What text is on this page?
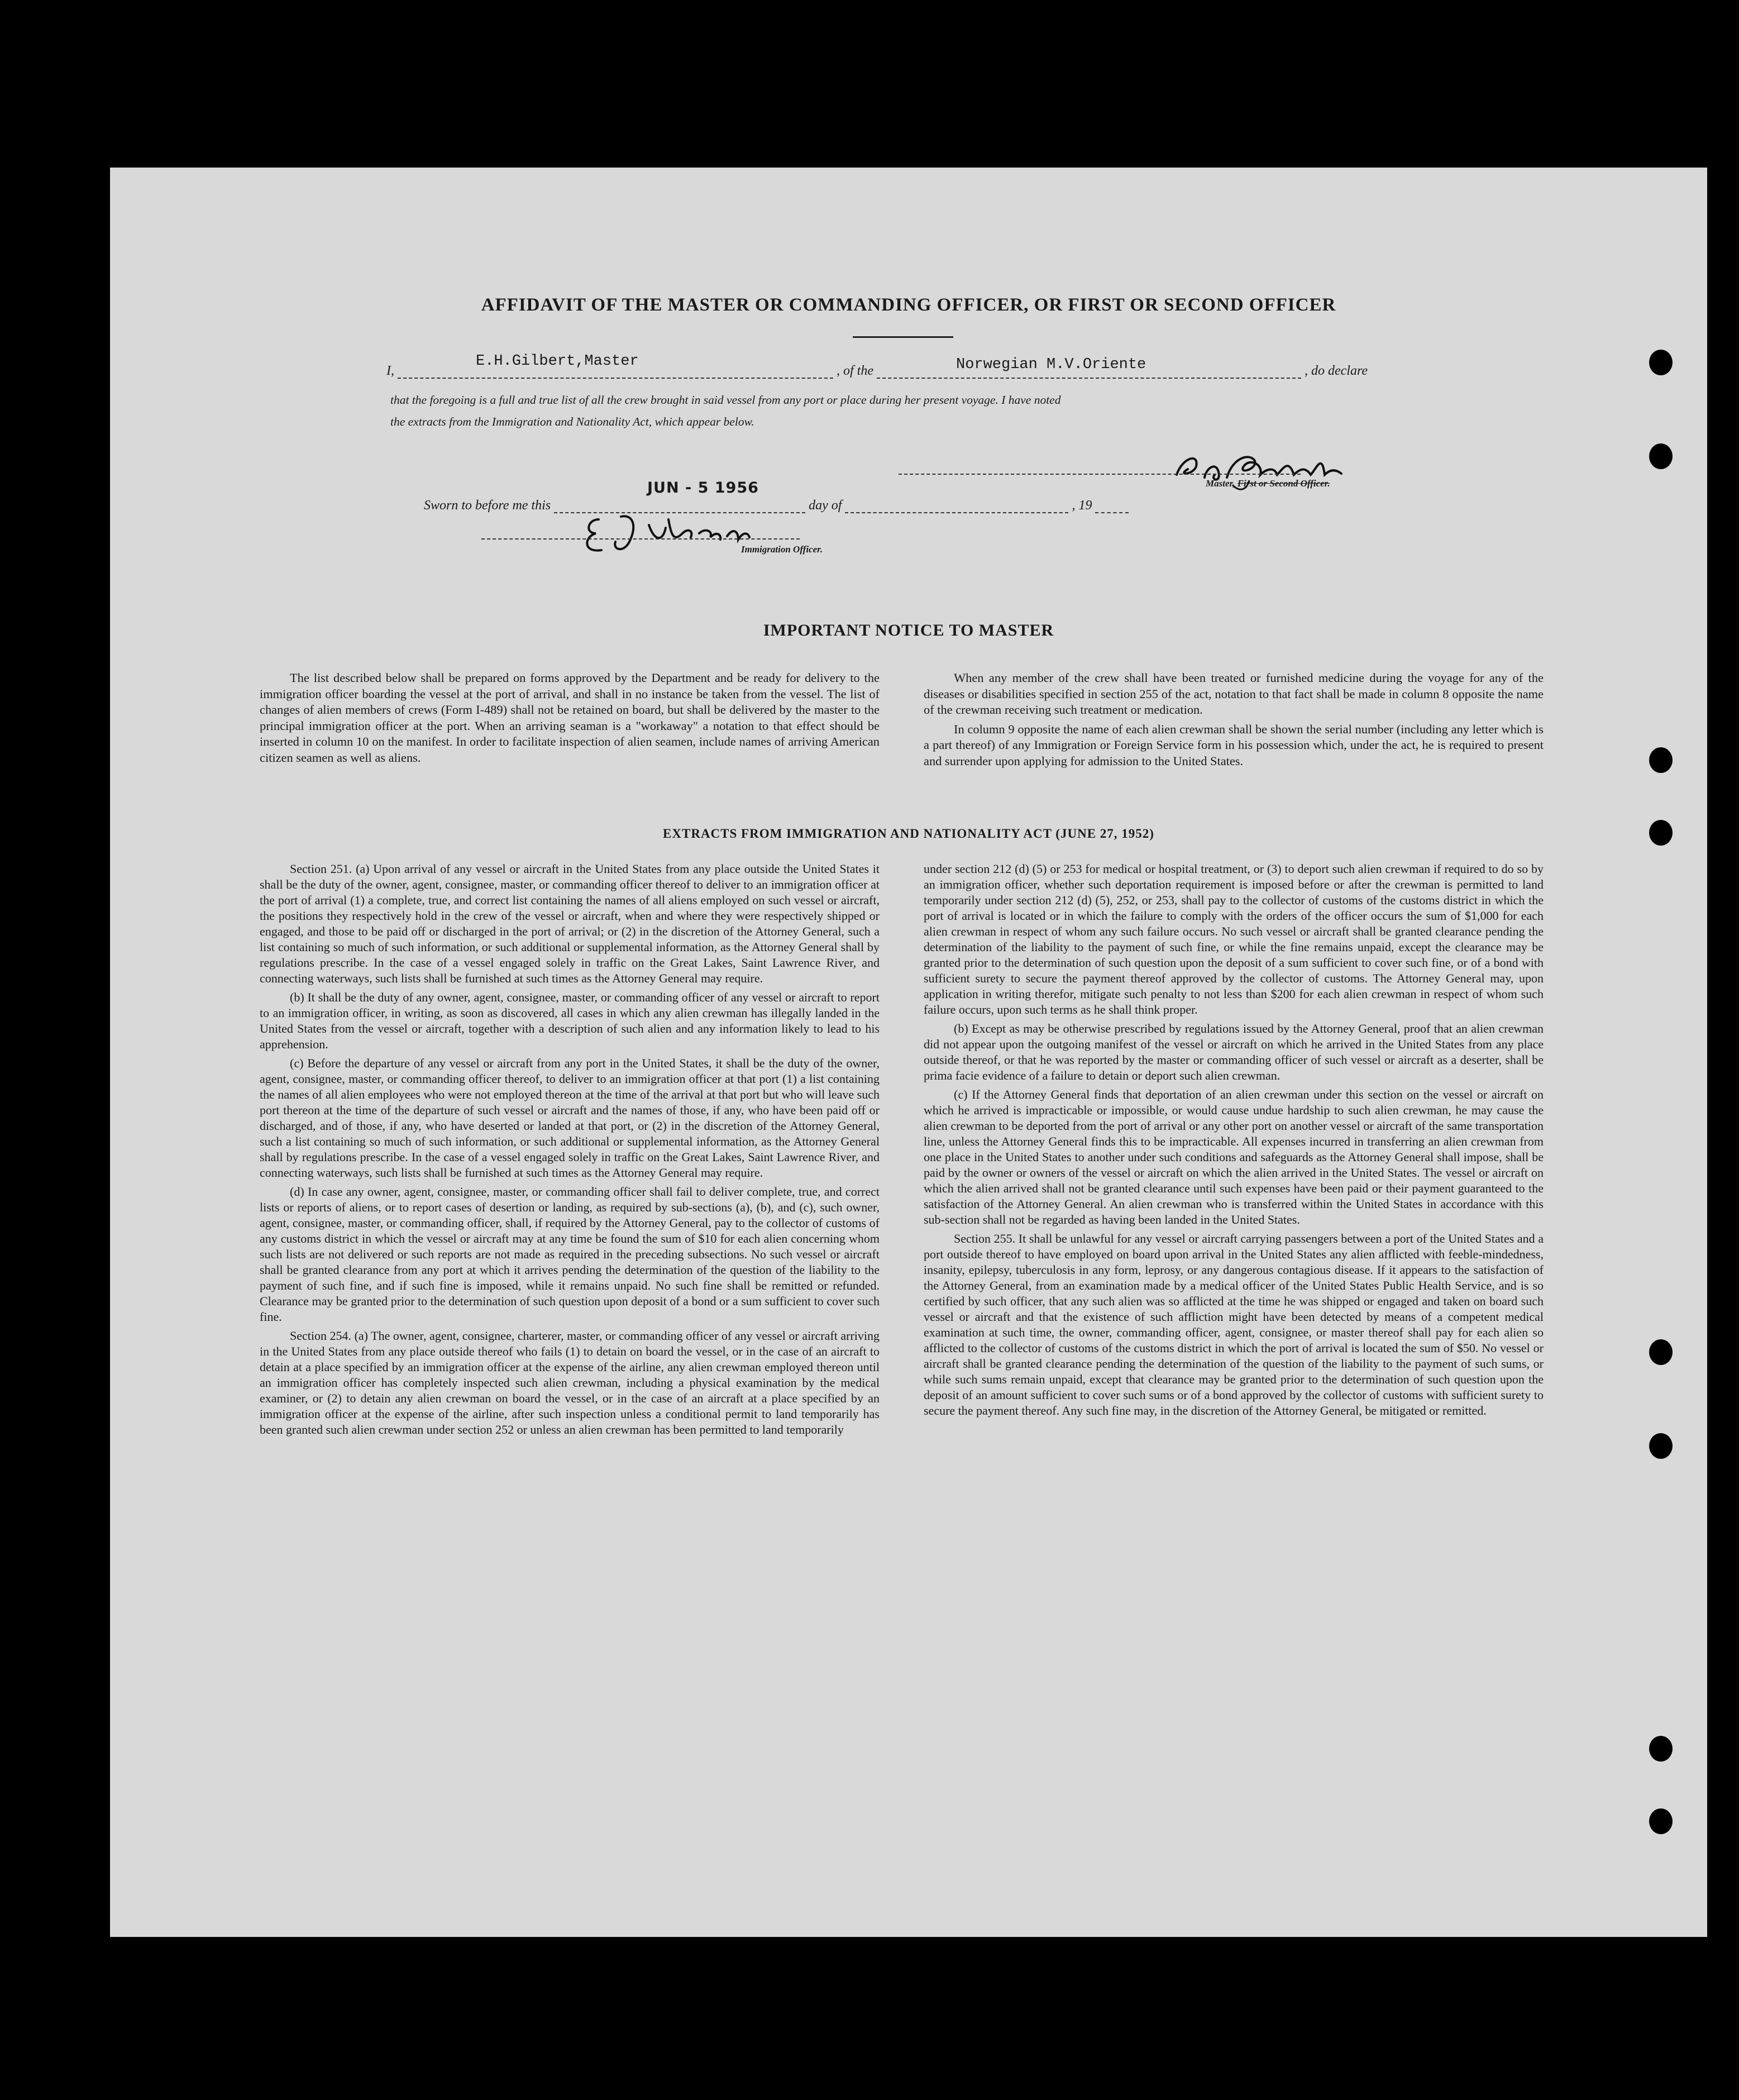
AFFIDAVIT OF THE MASTER OR COMMANDING OFFICER, OR FIRST OR SECOND OFFICER
I,	, of the	, do declare
E.H.Gilbert,Master	Norwegian M.V.Oriente
that the foregoing is a full and true list of all the crew brought in said vessel from any port or place during her present voyage. I have noted
the extracts from the Immigration and Nationality Act, which appear below.
Master, First or Second Officer.
JUN - 5 1956
Sworn to before me this	day of	, 19
Immigration Officer.
IMPORTANT NOTICE TO MASTER

The list described below shall be prepared on forms approved by the Department and be ready for delivery to the immigration officer boarding the vessel at the port of arrival, and shall in no instance be taken from the vessel. The list of changes of alien members of crews (Form I-489) shall not be retained on board, but shall be delivered by the master to the principal immigration officer at the port. When an arriving seaman is a "workaway" a notation to that effect should be inserted in column 10 on the manifest. In order to facilitate inspection of alien seamen, include names of arriving American citizen seamen as well as aliens.

When any member of the crew shall have been treated or furnished medicine during the voyage for any of the diseases or disabilities specified in section 255 of the act, notation to that fact shall be made in column 8 opposite the name of the crewman receiving such treatment or medication.

In column 9 opposite the name of each alien crewman shall be shown the serial number (including any letter which is a part thereof) of any Immigration or Foreign Service form in his possession which, under the act, he is required to present and surrender upon applying for admission to the United States.

EXTRACTS FROM IMMIGRATION AND NATIONALITY ACT (JUNE 27, 1952)

Section 251. (a) Upon arrival of any vessel or aircraft in the United States from any place outside the United States it shall be the duty of the owner, agent, consignee, master, or commanding officer thereof to deliver to an immigration officer at the port of arrival (1) a complete, true, and correct list containing the names of all aliens employed on such vessel or aircraft, the positions they respectively hold in the crew of the vessel or aircraft, when and where they were respectively shipped or engaged, and those to be paid off or discharged in the port of arrival; or (2) in the discretion of the Attorney General, such a list containing so much of such information, or such additional or supplemental information, as the Attorney General shall by regulations prescribe. In the case of a vessel engaged solely in traffic on the Great Lakes, Saint Lawrence River, and connecting waterways, such lists shall be furnished at such times as the Attorney General may require.

(b) It shall be the duty of any owner, agent, consignee, master, or commanding officer of any vessel or aircraft to report to an immigration officer, in writing, as soon as discovered, all cases in which any alien crewman has illegally landed in the United States from the vessel or aircraft, together with a description of such alien and any information likely to lead to his apprehension.

(c) Before the departure of any vessel or aircraft from any port in the United States, it shall be the duty of the owner, agent, consignee, master, or commanding officer thereof, to deliver to an immigration officer at that port (1) a list containing the names of all alien employees who were not employed thereon at the time of the arrival at that port but who will leave such port thereon at the time of the departure of such vessel or aircraft and the names of those, if any, who have been paid off or discharged, and of those, if any, who have deserted or landed at that port, or (2) in the discretion of the Attorney General, such a list containing so much of such information, or such additional or supplemental information, as the Attorney General shall by regulations prescribe. In the case of a vessel engaged solely in traffic on the Great Lakes, Saint Lawrence River, and connecting waterways, such lists shall be furnished at such times as the Attorney General may require.

(d) In case any owner, agent, consignee, master, or commanding officer shall fail to deliver complete, true, and correct lists or reports of aliens, or to report cases of desertion or landing, as required by sub-sections (a), (b), and (c), such owner, agent, consignee, master, or commanding officer, shall, if required by the Attorney General, pay to the collector of customs of any customs district in which the vessel or aircraft may at any time be found the sum of $10 for each alien concerning whom such lists are not delivered or such reports are not made as required in the preceding subsections. No such vessel or aircraft shall be granted clearance from any port at which it arrives pending the determination of the question of the liability to the payment of such fine, and if such fine is imposed, while it remains unpaid. No such fine shall be remitted or refunded. Clearance may be granted prior to the determination of such question upon deposit of a bond or a sum sufficient to cover such fine.

Section 254. (a) The owner, agent, consignee, charterer, master, or commanding officer of any vessel or aircraft arriving in the United States from any place outside thereof who fails (1) to detain on board the vessel, or in the case of an aircraft to detain at a place specified by an immigration officer at the expense of the airline, any alien crewman employed thereon until an immigration officer has completely inspected such alien crewman, including a physical examination by the medical examiner, or (2) to detain any alien crewman on board the vessel, or in the case of an aircraft at a place specified by an immigration officer at the expense of the airline, after such inspection unless a conditional permit to land temporarily has been granted such alien crewman under section 252 or unless an alien crewman has been permitted to land temporarily

under section 212 (d) (5) or 253 for medical or hospital treatment, or (3) to deport such alien crewman if required to do so by an immigration officer, whether such deportation requirement is imposed before or after the crewman is permitted to land temporarily under section 212 (d) (5), 252, or 253, shall pay to the collector of customs of the customs district in which the port of arrival is located or in which the failure to comply with the orders of the officer occurs the sum of $1,000 for each alien crewman in respect of whom any such failure occurs. No such vessel or aircraft shall be granted clearance pending the determination of the liability to the payment of such fine, or while the fine remains unpaid, except the clearance may be granted prior to the determination of such question upon the deposit of a sum sufficient to cover such fine, or of a bond with sufficient surety to secure the payment thereof approved by the collector of customs. The Attorney General may, upon application in writing therefor, mitigate such penalty to not less than $200 for each alien crewman in respect of whom such failure occurs, upon such terms as he shall think proper.

(b) Except as may be otherwise prescribed by regulations issued by the Attorney General, proof that an alien crewman did not appear upon the outgoing manifest of the vessel or aircraft on which he arrived in the United States from any place outside thereof, or that he was reported by the master or commanding officer of such vessel or aircraft as a deserter, shall be prima facie evidence of a failure to detain or deport such alien crewman.

(c) If the Attorney General finds that deportation of an alien crewman under this section on the vessel or aircraft on which he arrived is impracticable or impossible, or would cause undue hardship to such alien crewman, he may cause the alien crewman to be deported from the port of arrival or any other port on another vessel or aircraft of the same transportation line, unless the Attorney General finds this to be impracticable. All expenses incurred in transferring an alien crewman from one place in the United States to another under such conditions and safeguards as the Attorney General shall impose, shall be paid by the owner or owners of the vessel or aircraft on which the alien arrived in the United States. The vessel or aircraft on which the alien arrived shall not be granted clearance until such expenses have been paid or their payment guaranteed to the satisfaction of the Attorney General. An alien crewman who is transferred within the United States in accordance with this sub-section shall not be regarded as having been landed in the United States.

Section 255. It shall be unlawful for any vessel or aircraft carrying passengers between a port of the United States and a port outside thereof to have employed on board upon arrival in the United States any alien afflicted with feeble-mindedness, insanity, epilepsy, tuberculosis in any form, leprosy, or any dangerous contagious disease. If it appears to the satisfaction of the Attorney General, from an examination made by a medical officer of the United States Public Health Service, and is so certified by such officer, that any such alien was so afflicted at the time he was shipped or engaged and taken on board such vessel or aircraft and that the existence of such affliction might have been detected by means of a competent medical examination at such time, the owner, commanding officer, agent, consignee, or master thereof shall pay for each alien so afflicted to the collector of customs of the customs district in which the port of arrival is located the sum of $50. No vessel or aircraft shall be granted clearance pending the determination of the question of the liability to the payment of such sums, or while such sums remain unpaid, except that clearance may be granted prior to the determination of such question upon the deposit of an amount sufficient to cover such sums or of a bond approved by the collector of customs with sufficient surety to secure the payment thereof. Any such fine may, in the discretion of the Attorney General, be mitigated or remitted.
